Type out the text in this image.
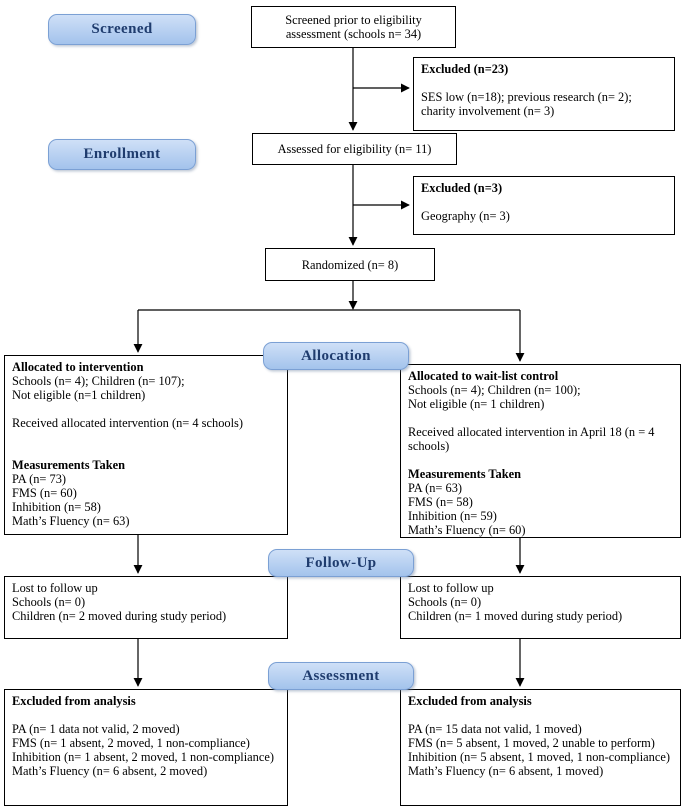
Screened
Enrollment
Allocation
Follow-Up
Assessment
Screened prior to eligibility assessment (schools n= 34)
Excluded (n=23)
SES low (n=18); previous research (n= 2); charity involvement (n= 3)
Assessed for eligibility (n= 11)
Excluded (n=3)
Geography (n= 3)
Randomized (n= 8)
Allocated to intervention
Schools (n= 4); Children (n= 107);
Not eligible (n=1 children)
Received allocated intervention (n= 4 schools)
Measurements Taken
PA (n= 73)
FMS (n= 60)
Inhibition (n= 58)
Math’s Fluency (n= 63)
Allocated to wait-list control
Schools (n= 4); Children (n= 100);
Not eligible (n= 1 children)
Received allocated intervention in April 18 (n = 4 schools)
Measurements Taken
PA (n= 63)
FMS (n= 58)
Inhibition (n= 59)
Math’s Fluency (n= 60)
Lost to follow up
Schools (n= 0)
Children (n= 2 moved during study period)
Lost to follow up
Schools (n= 0)
Children (n= 1 moved during study period)
Excluded from analysis
PA (n= 1 data not valid, 2 moved)
FMS (n= 1 absent, 2 moved, 1 non-compliance)
Inhibition (n= 1 absent, 2 moved, 1 non-compliance)
Math’s Fluency (n= 6 absent, 2 moved)
Excluded from analysis
PA (n= 15 data not valid, 1 moved)
FMS (n= 5 absent, 1 moved, 2 unable to perform)
Inhibition (n= 5 absent, 1 moved, 1 non-compliance)
Math’s Fluency (n= 6 absent, 1 moved)
